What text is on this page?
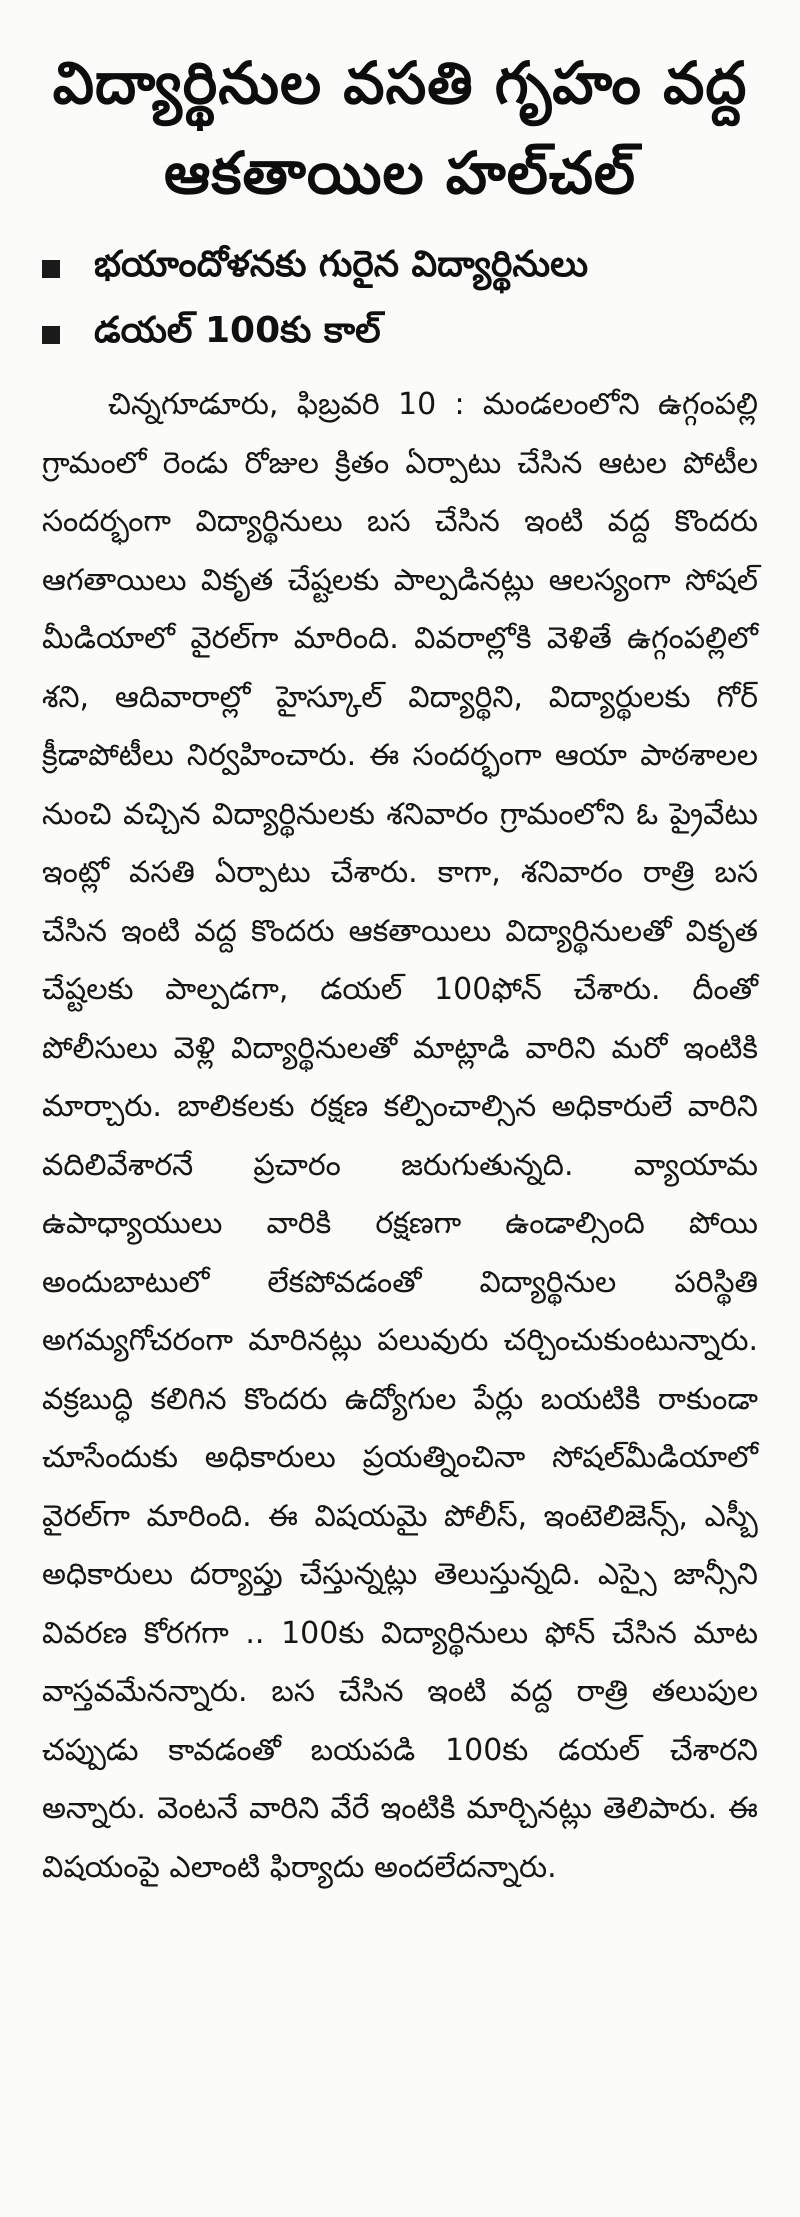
విద్యార్థినుల వసతి గృహం వద్ద
ఆకతాయిల హల్‌చల్
భయాందోళనకు గురైన విద్యార్థినులు
డయల్ 100కు కాల్

చిన్నగూడూరు, ఫిబ్రవరి 10 : మండలంలోని ఉగ్గంపల్లి గ్రామంలో రెండు రోజుల క్రితం ఏర్పాటు చేసిన ఆటల పోటీల సందర్భంగా విద్యార్థినులు బస చేసిన ఇంటి వద్ద కొందరు ఆగతాయిలు వికృత చేష్టలకు పాల్పడినట్లు ఆలస్యంగా సోషల్ మీడియాలో వైరల్‌గా మారింది. వివరాల్లోకి వెళితే ఉగ్గంపల్లిలో శని, ఆదివారాల్లో హైస్కూల్ విద్యార్థిని, విద్యార్థులకు గోర్ క్రీడాపోటీలు నిర్వహించారు. ఈ సందర్భంగా ఆయా పాఠశాలల నుంచి వచ్చిన విద్యార్థినులకు శనివారం గ్రామంలోని ఓ ప్రైవేటు ఇంట్లో వసతి ఏర్పాటు చేశారు. కాగా, శనివారం రాత్రి బస చేసిన ఇంటి వద్ద కొందరు ఆకతాయిలు విద్యార్థినులతో వికృత చేష్టలకు పాల్పడగా, డయల్ 100ఫోన్ చేశారు. దీంతో పోలీసులు వెళ్లి విద్యార్థినులతో మాట్లాడి వారిని మరో ఇంటికి మార్చారు. బాలికలకు రక్షణ కల్పించాల్సిన అధికారులే వారిని వదిలివేశారనే ప్రచారం జరుగుతున్నది. వ్యాయామ ఉపాధ్యాయులు వారికి రక్షణగా ఉండాల్సింది పోయి అందుబాటులో లేకపోవడంతో విద్యార్థినుల పరిస్థితి అగమ్యగోచరంగా మారినట్లు పలువురు చర్చించుకుంటున్నారు. వక్రబుద్ధి కలిగిన కొందరు ఉద్యోగుల పేర్లు బయటికి రాకుండా చూసేందుకు అధికారులు ప్రయత్నించినా సోషల్‌మీడియాలో వైరల్‌గా మారింది. ఈ విషయమై పోలీస్, ఇంటెలిజెన్స్, ఎస్బీ అధికారులు దర్యాప్తు చేస్తున్నట్లు తెలుస్తున్నది. ఎస్సై జాన్సీని వివరణ కోరగగా .. 100కు విద్యార్థినులు ఫోన్ చేసిన మాట వాస్తవమేనన్నారు. బస చేసిన ఇంటి వద్ద రాత్రి తలుపుల చప్పుడు కావడంతో బయపడి 100కు డయల్ చేశారని అన్నారు. వెంటనే వారిని వేరే ఇంటికి మార్చినట్లు తెలిపారు. ఈ విషయంపై ఎలాంటి ఫిర్యాదు అందలేదన్నారు.
